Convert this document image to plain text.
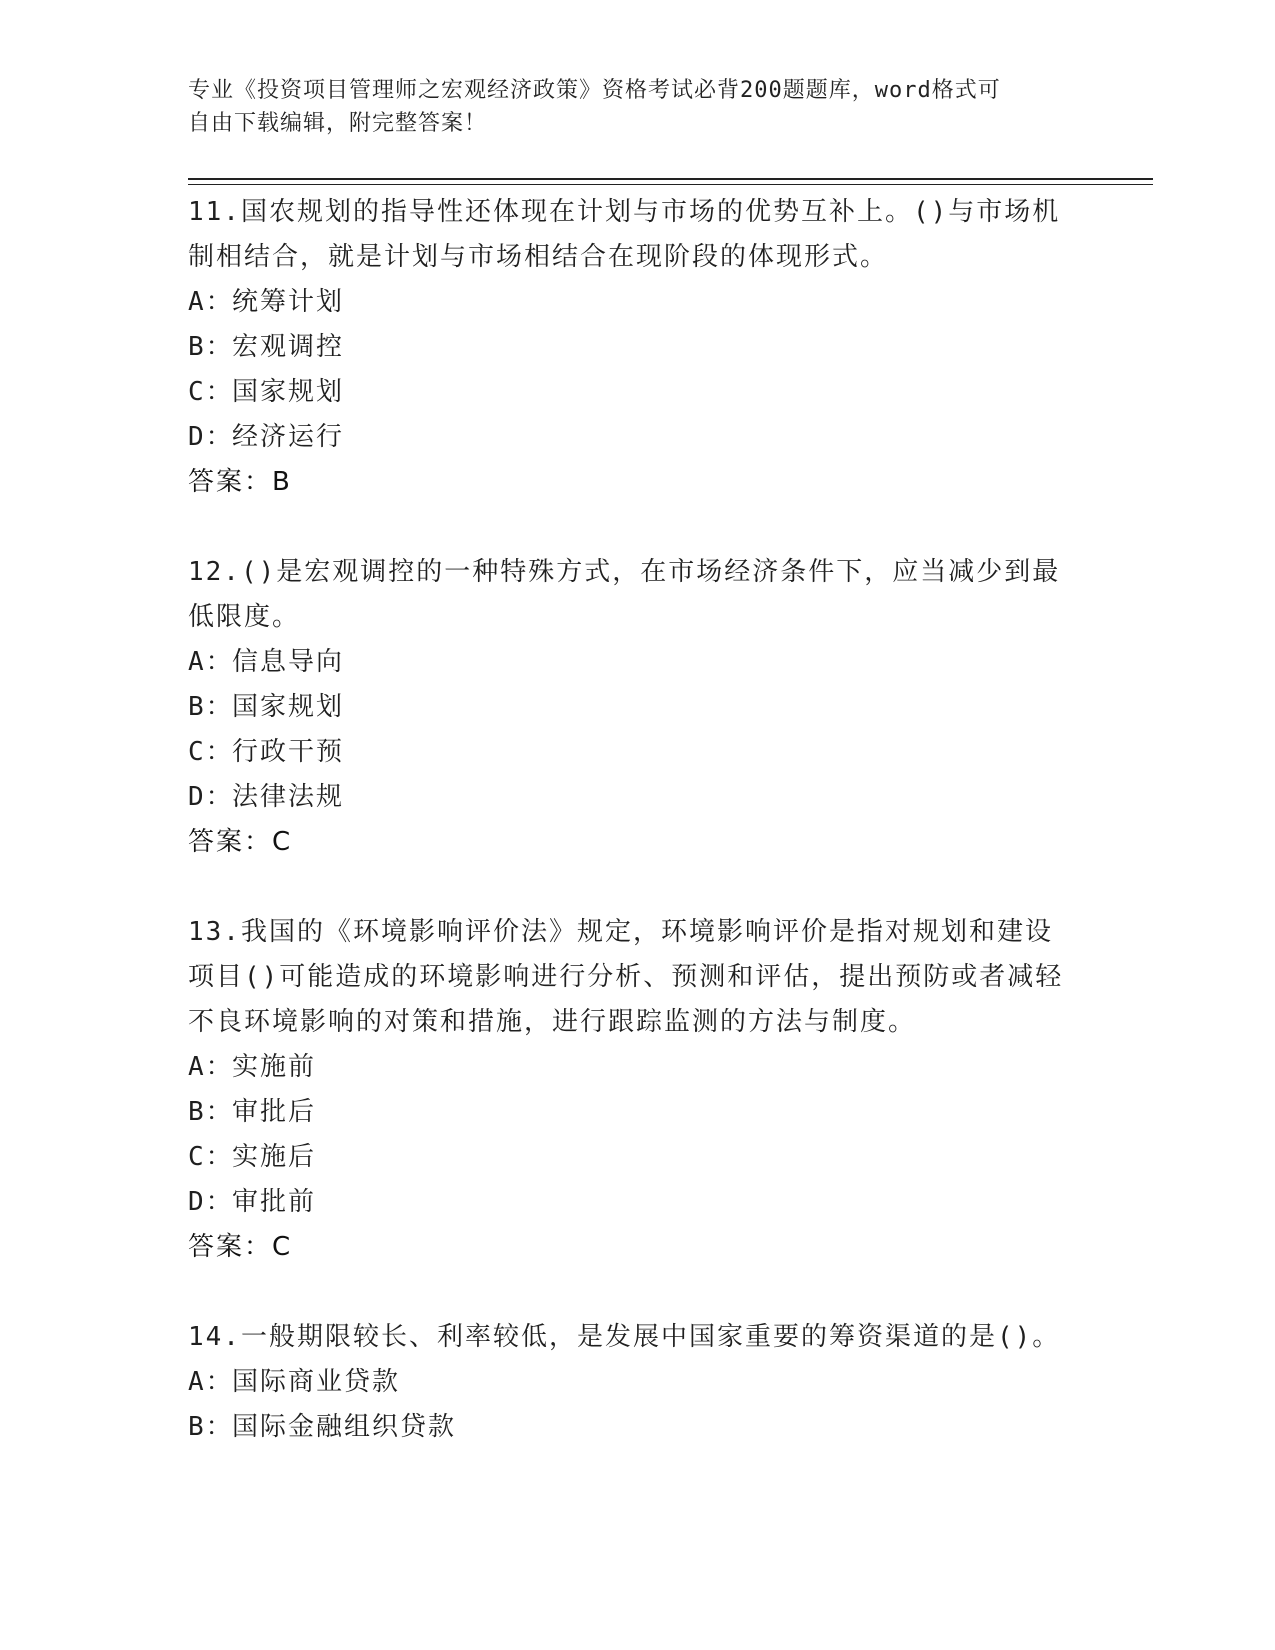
专业《投资项目管理师之宏观经济政策》资格考试必背200题题库，word格式可
自由下载编辑，附完整答案！
11.国农规划的指导性还体现在计划与市场的优势互补上。()与市场机制相结合，就是计划与市场相结合在现阶段的体现形式。
A：统筹计划
B：宏观调控
C：国家规划
D：经济运行
答案：B
12.()是宏观调控的一种特殊方式，在市场经济条件下，应当减少到最低限度。
A：信息导向
B：国家规划
C：行政干预
D：法律法规
答案：C
13.我国的《环境影响评价法》规定，环境影响评价是指对规划和建设项目()可能造成的环境影响进行分析、预测和评估，提出预防或者减轻不良环境影响的对策和措施，进行跟踪监测的方法与制度。
A：实施前
B：审批后
C：实施后
D：审批前
答案：C
14.一般期限较长、利率较低，是发展中国家重要的筹资渠道的是()。
A：国际商业贷款
B：国际金融组织贷款
